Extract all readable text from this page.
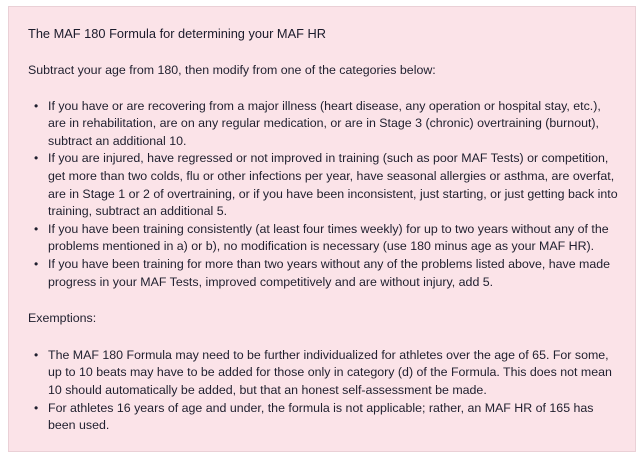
The MAF 180 Formula for determining your MAF HR

Subtract your age from 180, then modify from one of the categories below:

• If you have or are recovering from a major illness (heart disease, any operation or hospital stay, etc.), are in rehabilitation, are on any regular medication, or are in Stage 3 (chronic) overtraining (burnout), subtract an additional 10.
• If you are injured, have regressed or not improved in training (such as poor MAF Tests) or competition, get more than two colds, flu or other infections per year, have seasonal allergies or asthma, are overfat, are in Stage 1 or 2 of overtraining, or if you have been inconsistent, just starting, or just getting back into training, subtract an additional 5.
• If you have been training consistently (at least four times weekly) for up to two years without any of the problems mentioned in a) or b), no modification is necessary (use 180 minus age as your MAF HR).
• If you have been training for more than two years without any of the problems listed above, have made progress in your MAF Tests, improved competitively and are without injury, add 5.

Exemptions:

• The MAF 180 Formula may need to be further individualized for athletes over the age of 65. For some, up to 10 beats may have to be added for those only in category (d) of the Formula. This does not mean 10 should automatically be added, but that an honest self-assessment be made.
• For athletes 16 years of age and under, the formula is not applicable; rather, an MAF HR of 165 has been used.
